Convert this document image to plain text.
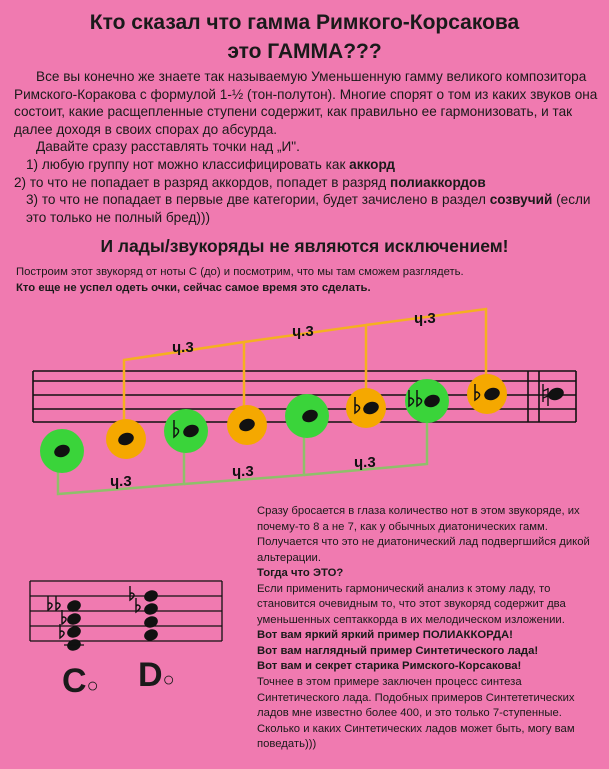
Кто сказал что гамма Римкого-Корсакова
это ГАММА???

Все вы конечно же знаете так называемую Уменьшенную гамму великого композитора Римского-Коракова с формулой 1-½ (тон-полутон). Многие спорят о том из каких звуков она состоит, какие расщепленные ступени содержит, как правильно ее гармонизовать, и так далее доходя в своих спорах до абсурда.

Давайте сразу расставлять точки над „И".

1) любую группу нот можно классифицировать как аккорд

2) то что не попадает в разряд аккордов, попадет в разряд полиаккордов

3) то что не попадает в первые две категории, будет зачислено в раздел созвучий (если это только не полный бред)))

И лады/звукоряды не являются исключением!

Построим этот звукоряд от ноты С (до) и посмотрим, что мы там сможем разглядеть.

Кто еще не успел одеть очки, сейчас самое время это сделать.

ɥ.3
ɥ.3
ɥ.3
ɥ.3
ɥ.3
ɥ.3
C○ D○

Сразу бросается в глаза количество нот в этом звукоряде, их почему-то 8 а не 7, как у обычных диатонических гамм. Получается что это не диатонический лад подвергшийся дикой альтерации.

Тогда что ЭТО?

Если применить гармонический анализ к этому ладу, то становится очевидным то, что этот звукоряд содержит два уменьшенных септаккорда в их мелодическом изложении.

Вот вам яркий яркий пример ПОЛИАККОРДА!

Вот вам наглядный пример Синтетического лада!

Вот вам и секрет старика Римского-Корсакова!

Точнее в этом примере заключен процесс синтеза Синтетического лада. Подобных примеров Синтететических ладов мне известно более 400, и это только 7-ступенные. Сколько и каких Синтетических ладов может быть, могу вам поведать)))
